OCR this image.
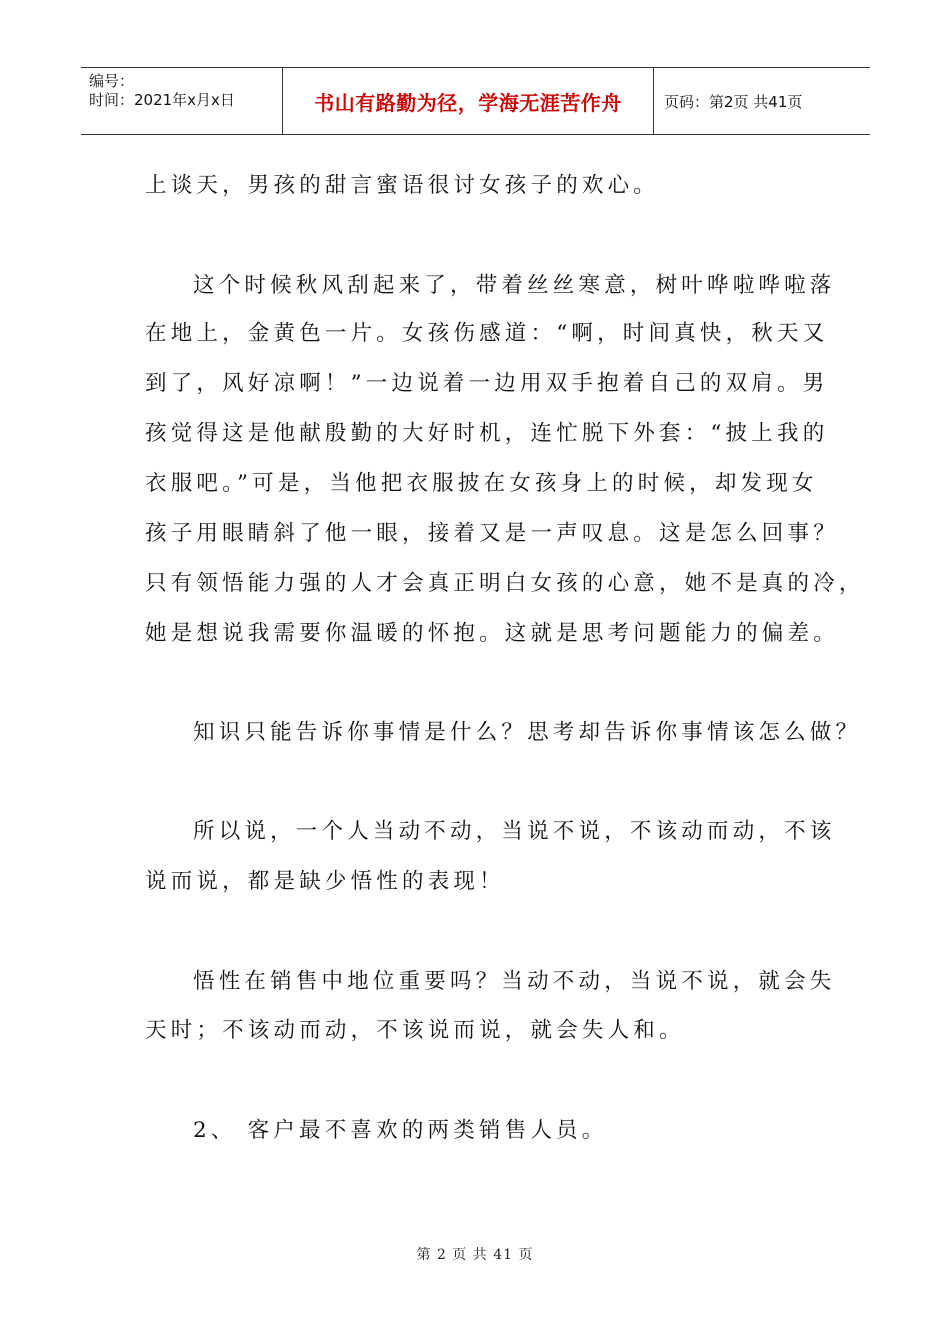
编号：
时间：2021年x月x日	书山有路勤为径，学海无涯苦作舟	页码：第2页 共41页
上谈天，男孩的甜言蜜语很讨女孩子的欢心。
这个时候秋风刮起来了，带着丝丝寒意，树叶哗啦哗啦落
在地上，金黄色一片。女孩伤感道：“啊，时间真快，秋天又
到了，风好凉啊！”一边说着一边用双手抱着自己的双肩。男
孩觉得这是他献殷勤的大好时机，连忙脱下外套：“披上我的
衣服吧。”可是，当他把衣服披在女孩身上的时候，却发现女
孩子用眼睛斜了他一眼，接着又是一声叹息。这是怎么回事？
只有领悟能力强的人才会真正明白女孩的心意，她不是真的冷，
她是想说我需要你温暖的怀抱。这就是思考问题能力的偏差。
知识只能告诉你事情是什么？思考却告诉你事情该怎么做？
所以说，一个人当动不动，当说不说，不该动而动，不该
说而说，都是缺少悟性的表现！
悟性在销售中地位重要吗？当动不动，当说不说，就会失
天时；不该动而动，不该说而说，就会失人和。
2、 客户最不喜欢的两类销售人员。
第 2 页 共 41 页
